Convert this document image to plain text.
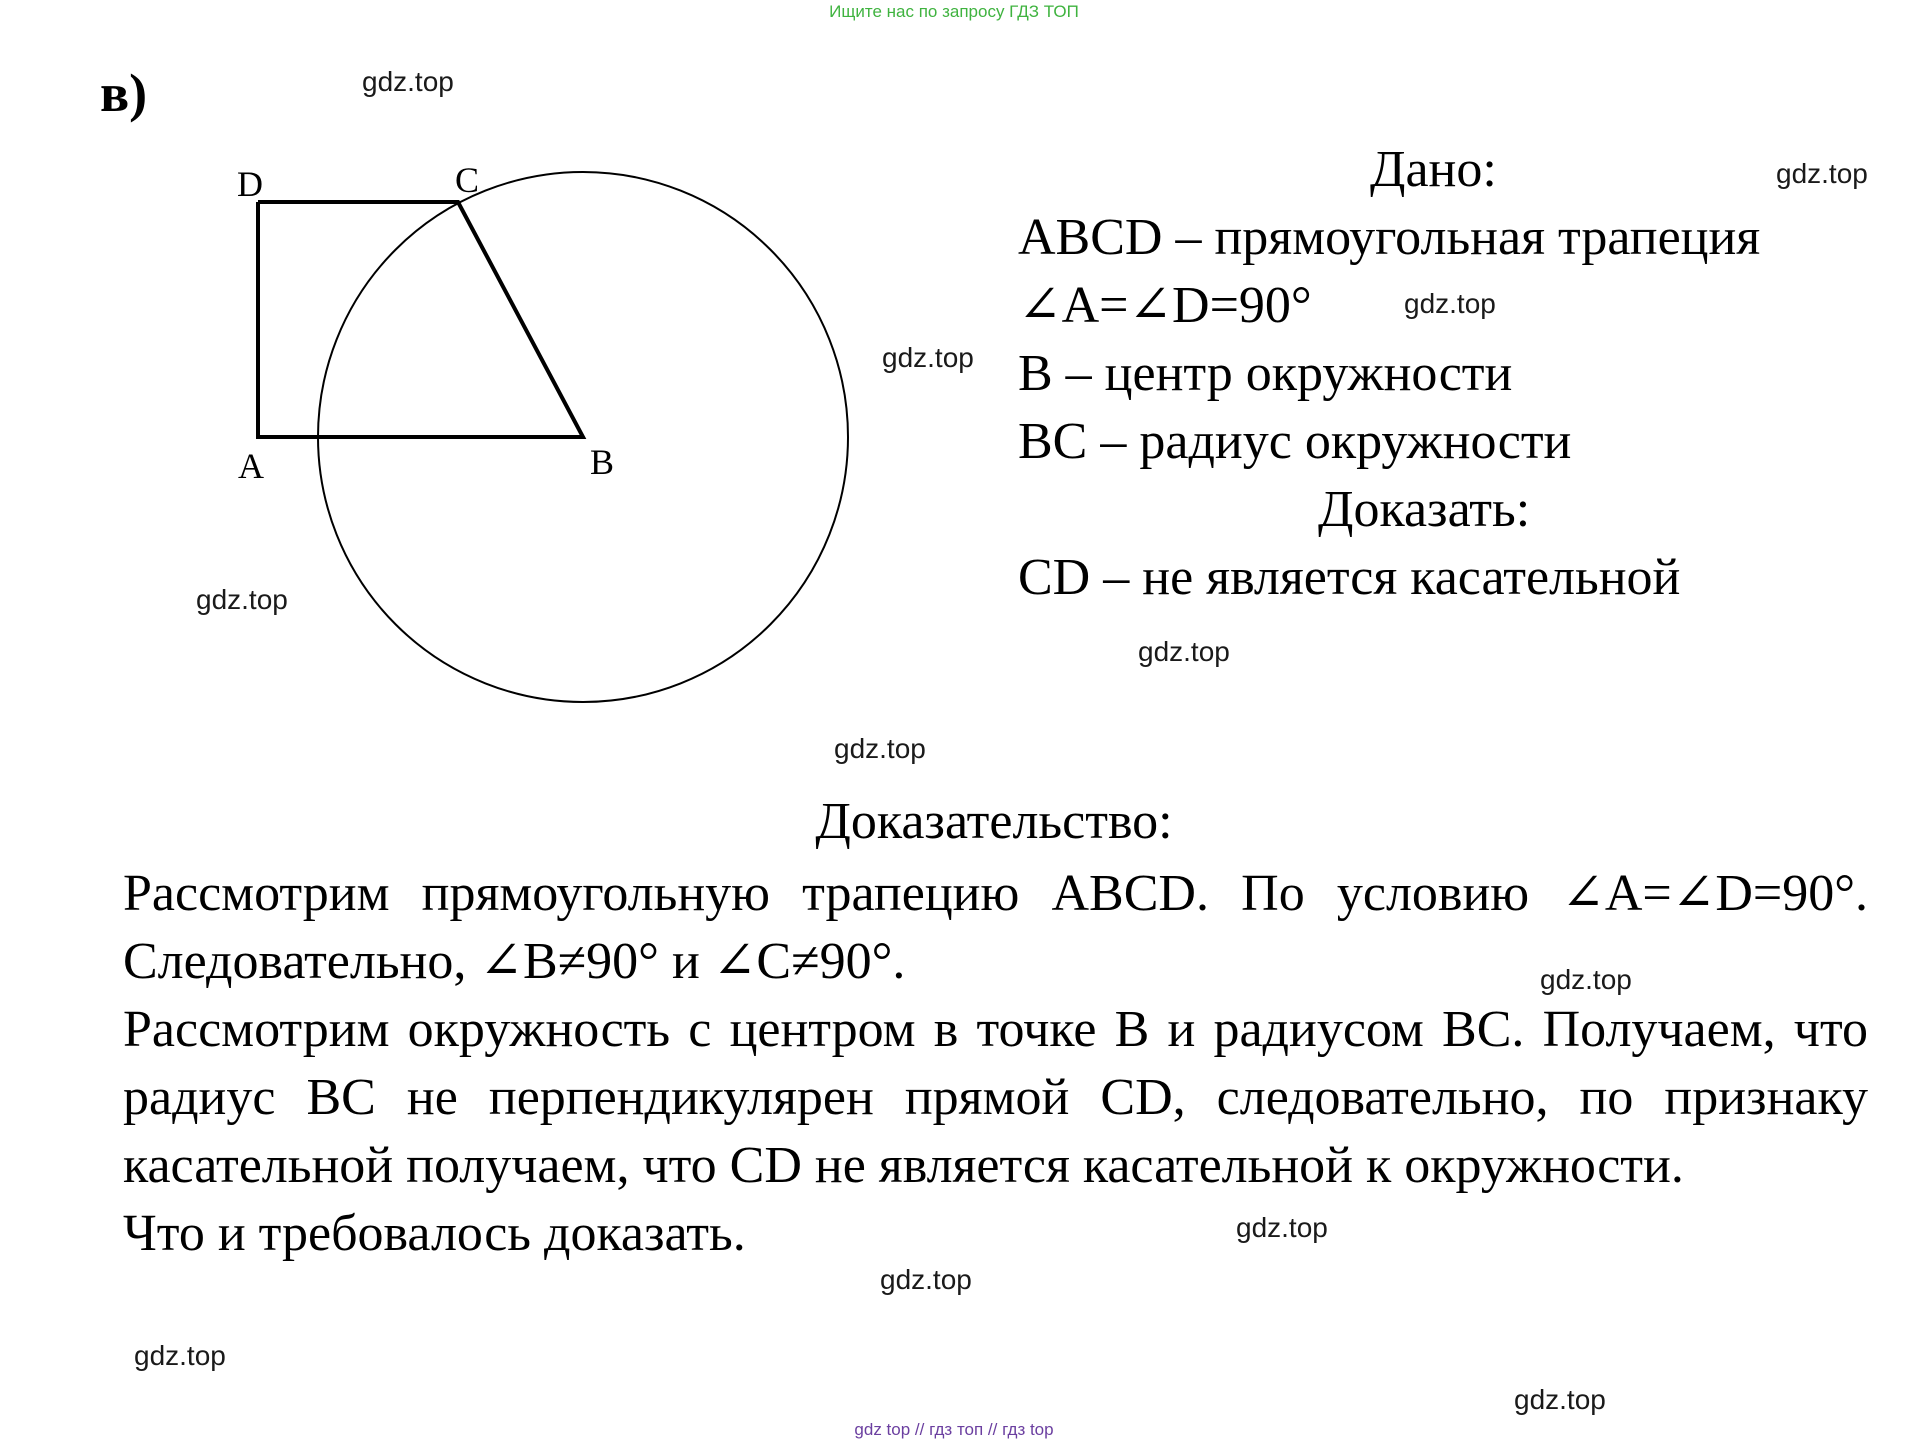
Ищите нас по запросу ГДЗ ТОП
в)
D	C
A	B
Дано:
ABCD – прямоугольная трапеция
∠A=∠D=90°
B – центр окружности
BC – радиус окружности
Доказать:
CD – не является касательной
Доказательство:

Рассмотрим прямоугольную трапецию ABCD. По условию ∠A=∠D=90°. Следовательно, ∠B≠90° и ∠C≠90°.

Рассмотрим окружность с центром в точке B и радиусом BC. Получаем, что радиус BC не перпендикулярен прямой CD, следовательно, по признаку касательной получаем, что CD не является касательной к окружности.

Что и требовалось доказать.

gdz.top
gdz.top
gdz.top
gdz.top
gdz.top
gdz.top
gdz.top
gdz.top
gdz.top
gdz.top
gdz.top
gdz.top
gdz top // гдз топ // гдз top
